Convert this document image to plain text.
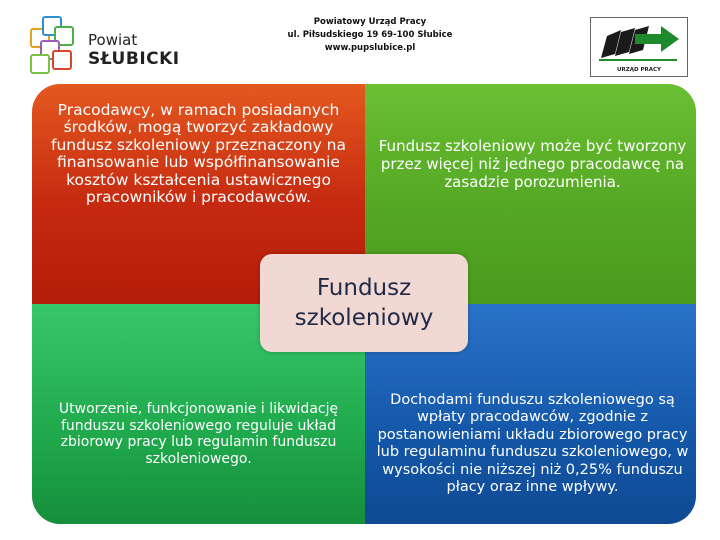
Powiat
SŁUBICKI
Powiatowy Urząd Pracy
ul. Piłsudskiego 19 69-100 Słubice
www.pupslubice.pl
URZĄD PRACY
Pracodawcy, w ramach posiadanych środków, mogą tworzyć zakładowy fundusz szkoleniowy przeznaczony na finansowanie lub współfinansowanie kosztów kształcenia ustawicznego pracowników i pracodawców.
Fundusz szkoleniowy może być tworzony przez więcej niż jednego pracodawcę na zasadzie porozumienia.
Utworzenie, funkcjonowanie i likwidację funduszu szkoleniowego reguluje układ zbiorowy pracy lub regulamin funduszu szkoleniowego.
Dochodami funduszu szkoleniowego są wpłaty pracodawców, zgodnie z postanowieniami układu zbiorowego pracy lub regulaminu funduszu szkoleniowego, w wysokości nie niższej niż 0,25% funduszu płacy oraz inne wpływy.
Fundusz szkoleniowy
